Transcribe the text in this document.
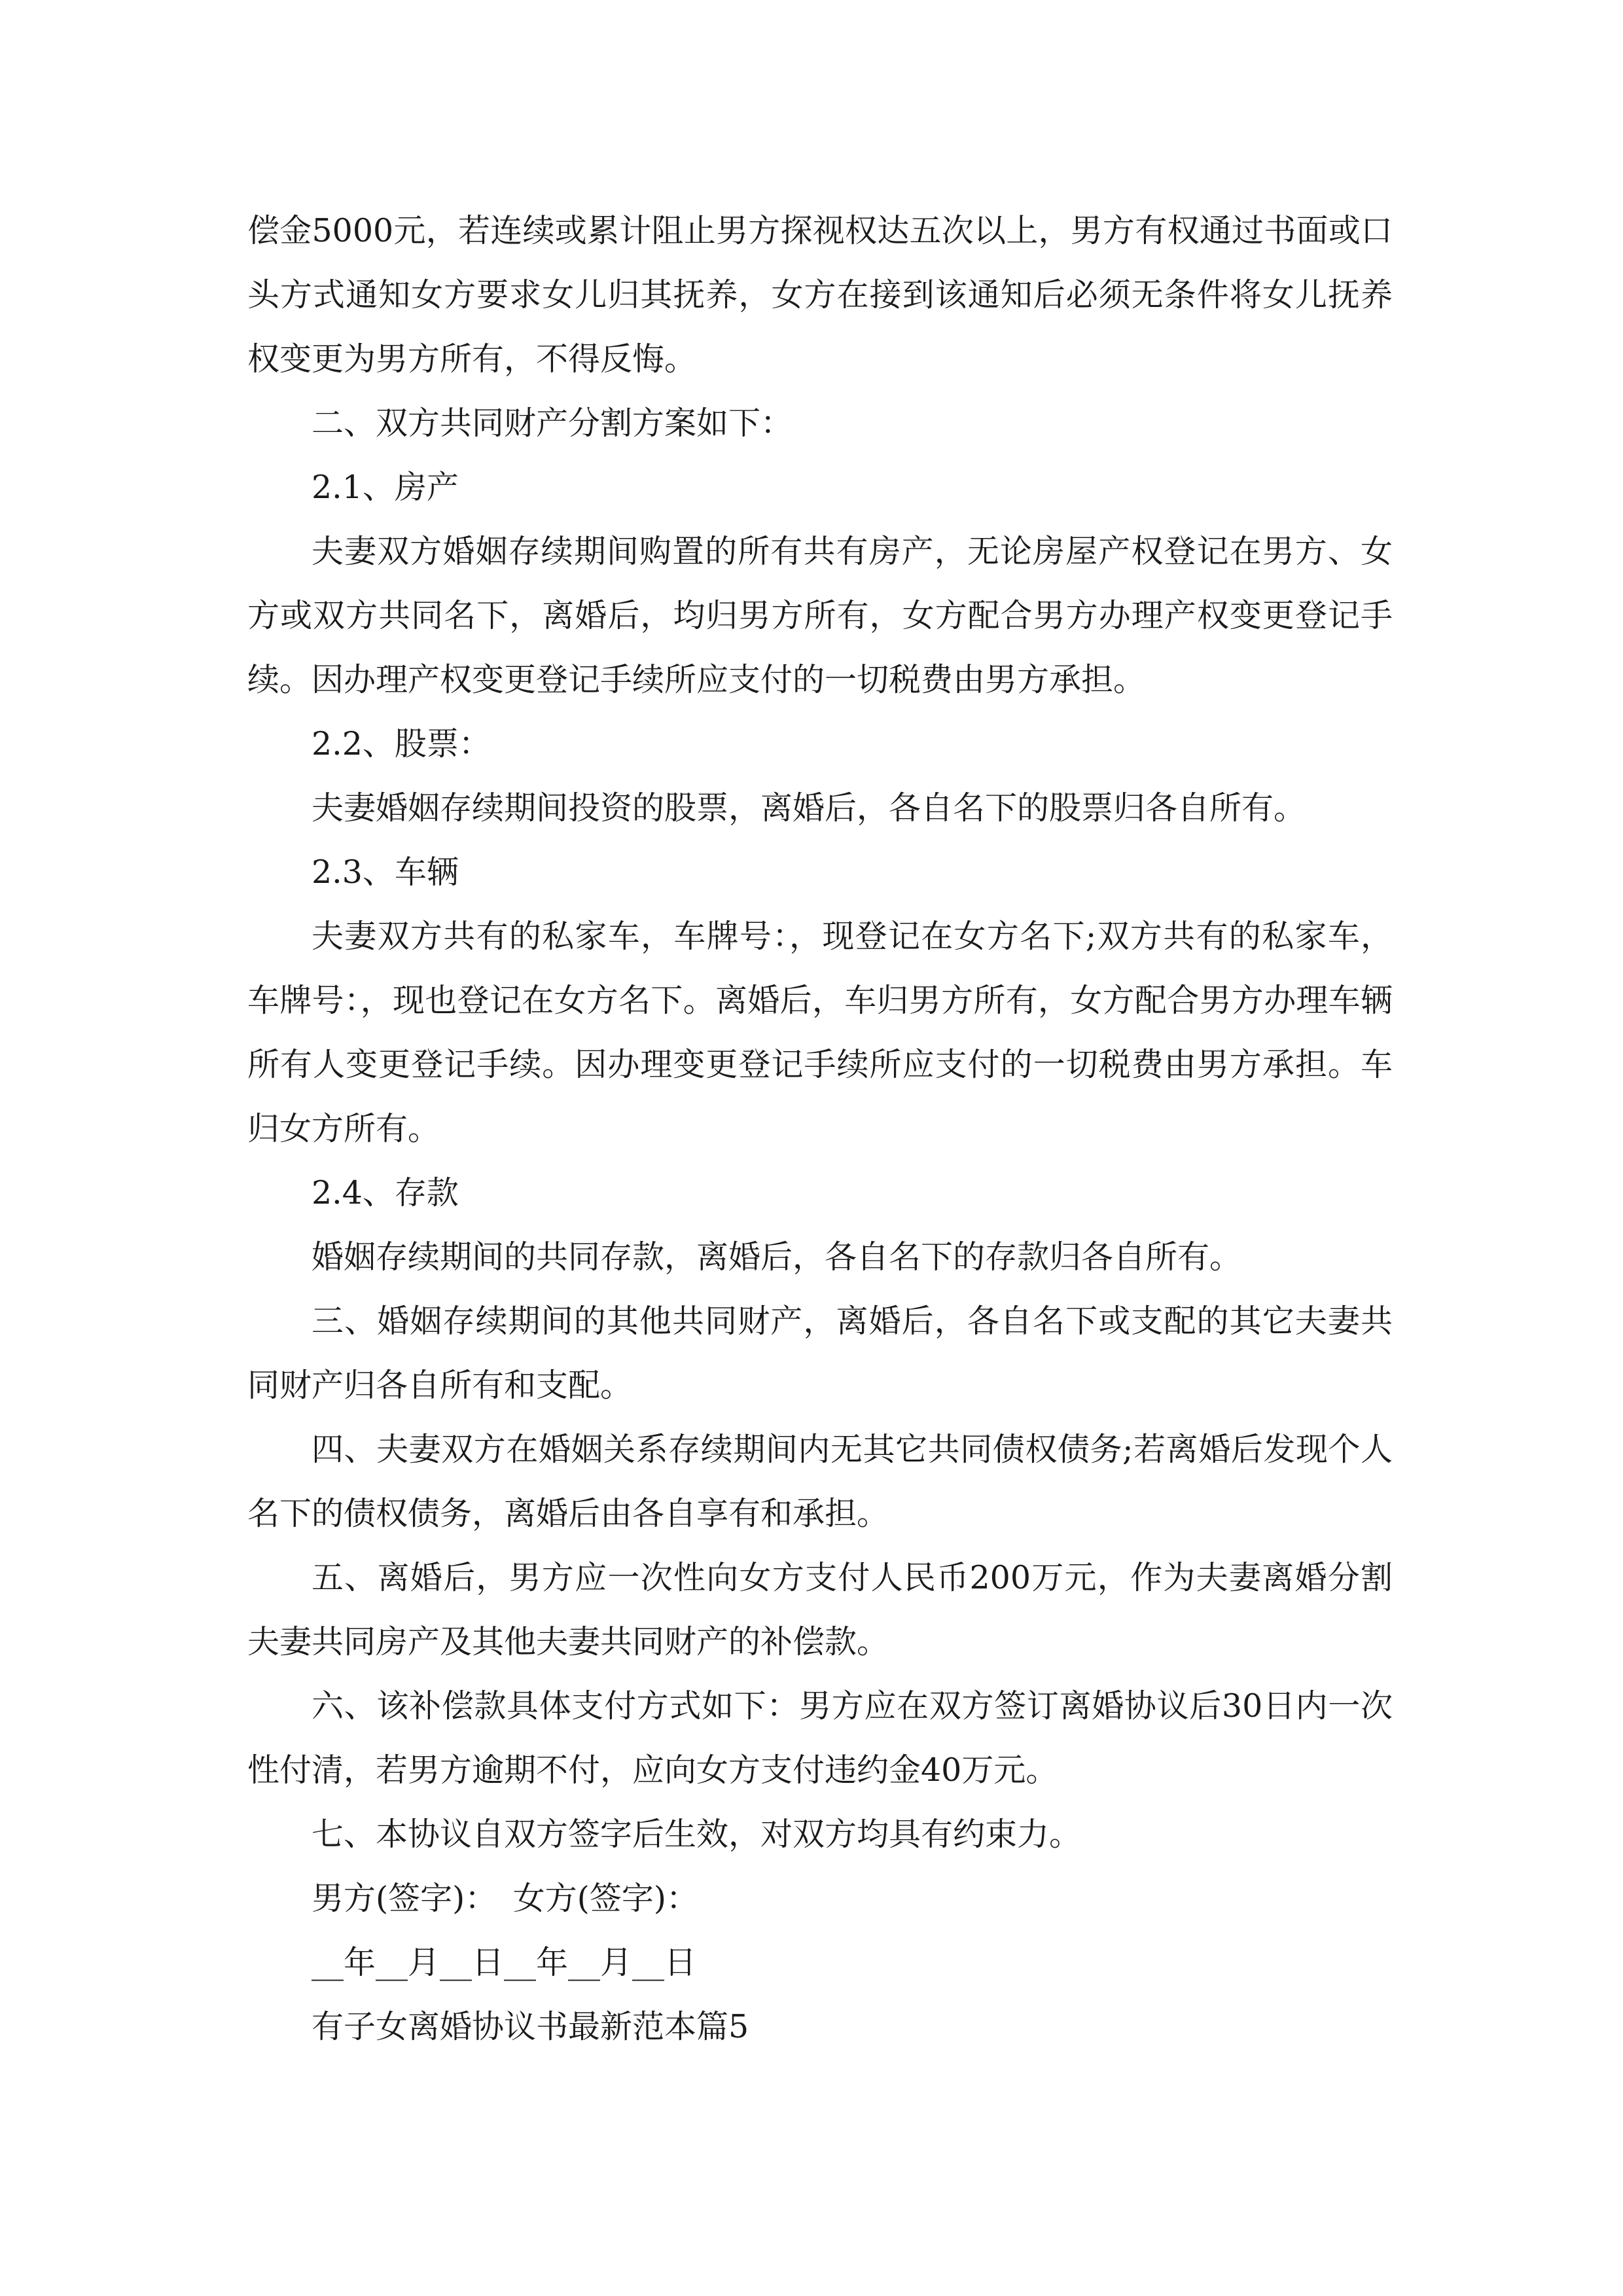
偿金5000元，若连续或累计阻止男方探视权达五次以上，男方有权通过书面或口头方式通知女方要求女儿归其抚养，女方在接到该通知后必须无条件将女儿抚养权变更为男方所有，不得反悔。

二、双方共同财产分割方案如下：

2.1、房产

夫妻双方婚姻存续期间购置的所有共有房产，无论房屋产权登记在男方、女方或双方共同名下，离婚后，均归男方所有，女方配合男方办理产权变更登记手续。因办理产权变更登记手续所应支付的一切税费由男方承担。

2.2、股票：

夫妻婚姻存续期间投资的股票，离婚后，各自名下的股票归各自所有。

2.3、车辆

夫妻双方共有的私家车，车牌号：，现登记在女方名下;双方共有的私家车，车牌号：，现也登记在女方名下。离婚后，车归男方所有，女方配合男方办理车辆所有人变更登记手续。因办理变更登记手续所应支付的一切税费由男方承担。车归女方所有。

2.4、存款

婚姻存续期间的共同存款，离婚后，各自名下的存款归各自所有。

三、婚姻存续期间的其他共同财产，离婚后，各自名下或支配的其它夫妻共同财产归各自所有和支配。

四、夫妻双方在婚姻关系存续期间内无其它共同债权债务;若离婚后发现个人名下的债权债务，离婚后由各自享有和承担。

五、离婚后，男方应一次性向女方支付人民币200万元，作为夫妻离婚分割夫妻共同房产及其他夫妻共同财产的补偿款。

六、该补偿款具体支付方式如下：男方应在双方签订离婚协议后30日内一次性付清，若男方逾期不付，应向女方支付违约金40万元。

七、本协议自双方签字后生效，对双方均具有约束力。

男方(签字)：　女方(签字)：

__年__月__日__年__月__日

有子女离婚协议书最新范本篇5
